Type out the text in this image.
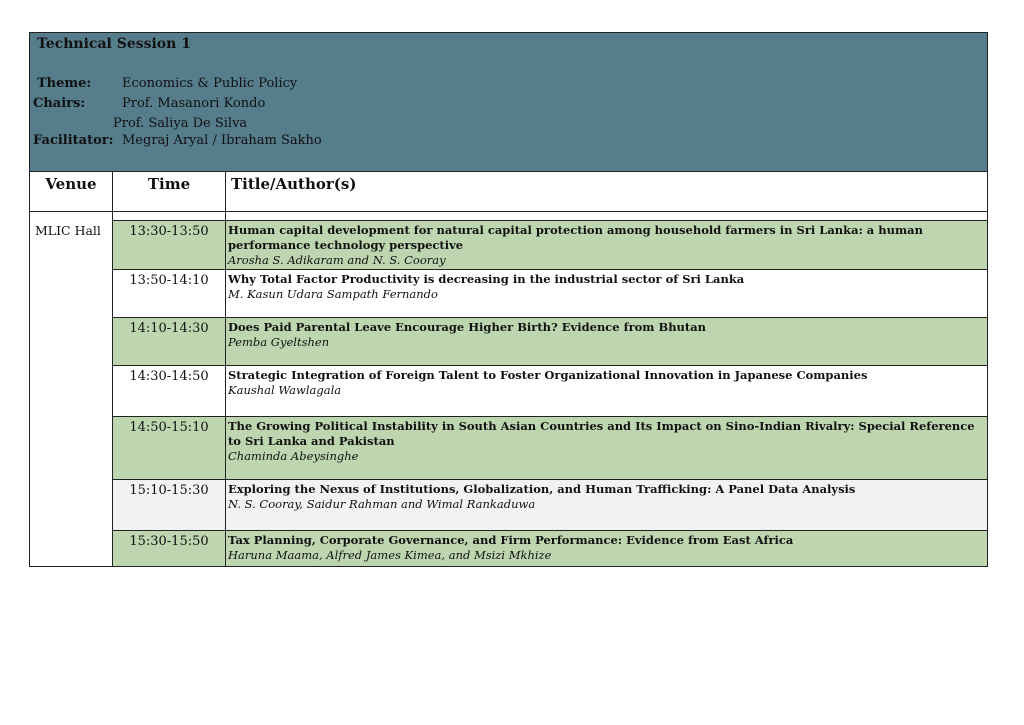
Technical Session 1
Theme: Economics & Public Policy
Chairs:	Prof. Masanori Kondo
Prof. Saliya De Silva
Facilitator: Megraj Aryal / Ibraham Sakho
Venue	Time	Title/Author(s)
MLIC Hall	13:30-13:50	Human capital development for natural capital protection among household farmers in Sri Lanka: a human performance technology perspective
Arosha S. Adikaram and N. S. Cooray
13:50-14:10	Why Total Factor Productivity is decreasing in the industrial sector of Sri Lanka
M. Kasun Udara Sampath Fernando
14:10-14:30	Does Paid Parental Leave Encourage Higher Birth? Evidence from Bhutan
Pemba Gyeltshen
14:30-14:50	Strategic Integration of Foreign Talent to Foster Organizational Innovation in Japanese Companies
Kaushal Wawlagala
14:50-15:10	The Growing Political Instability in South Asian Countries and Its Impact on Sino-Indian Rivalry: Special Reference to Sri Lanka and Pakistan
Chaminda Abeysinghe
15:10-15:30	Exploring the Nexus of Institutions, Globalization, and Human Trafficking: A Panel Data Analysis
N. S. Cooray, Saidur Rahman and Wimal Rankaduwa
15:30-15:50	Tax Planning, Corporate Governance, and Firm Performance: Evidence from East Africa
Haruna Maama, Alfred James Kimea, and Msizi Mkhize
